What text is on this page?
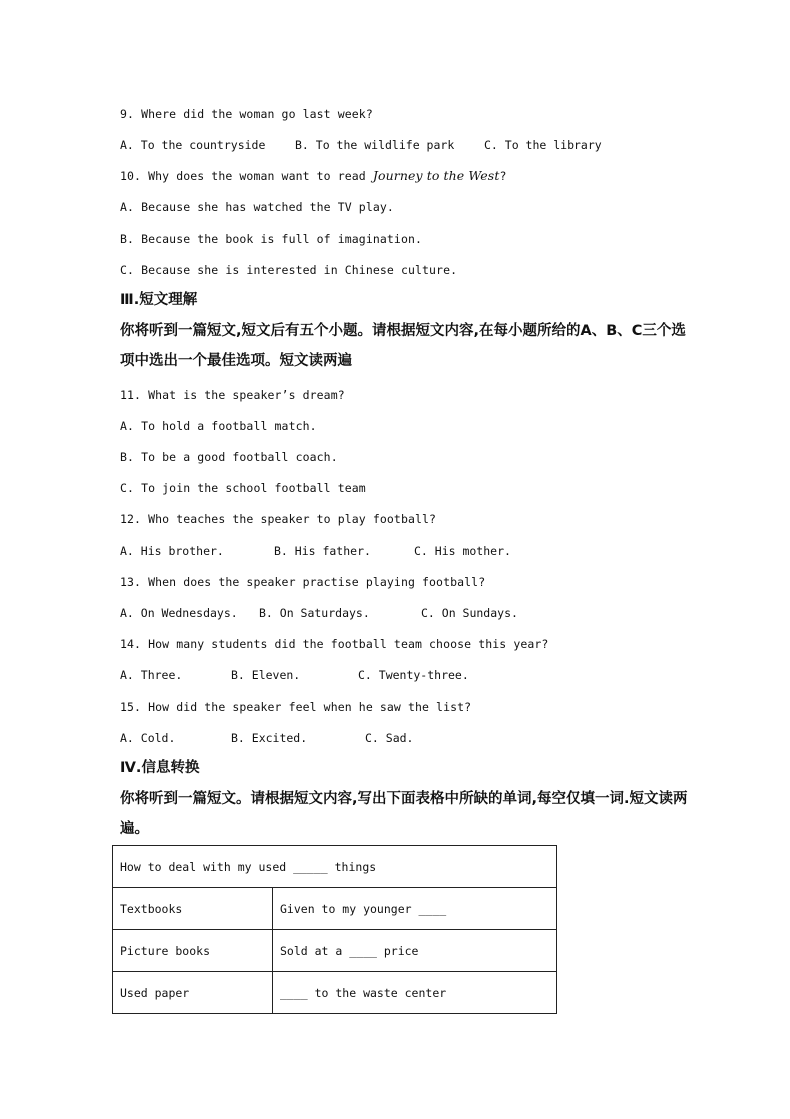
9. Where did the woman go last week?
A. To the countryside	B. To the wildlife park	C. To the library
10. Why does the woman want to read Journey to the West?
A. Because she has watched the TV play.
B. Because the book is full of imagination.
C. Because she is interested in Chinese culture.
Ⅲ.短文理解
你将听到一篇短文,短文后有五个小题。请根据短文内容,在每小题所给的A、B、C三个选
项中选出一个最佳选项。短文读两遍
11. What is the speaker’s dream?
A. To hold a football match.
B. To be a good football coach.
C. To join the school football team
12. Who teaches the speaker to play football?
A. His brother.	B. His father.	C. His mother.
13. When does the speaker practise playing football?
A. On Wednesdays. B. On Saturdays.	C. On Sundays.
14. How many students did the football team choose this year?
A. Three.	B. Eleven.	C. Twenty-three.
15. How did the speaker feel when he saw the list?
A. Cold.	B. Excited.	C. Sad.
Ⅳ.信息转换
你将听到一篇短文。请根据短文内容,写出下面表格中所缺的单词,每空仅填一词.短文读两
遍。
How to deal with my used _____ things	
Textbooks	Given to my younger ____
Picture books	Sold at a ____ price
Used paper	____ to the waste center
